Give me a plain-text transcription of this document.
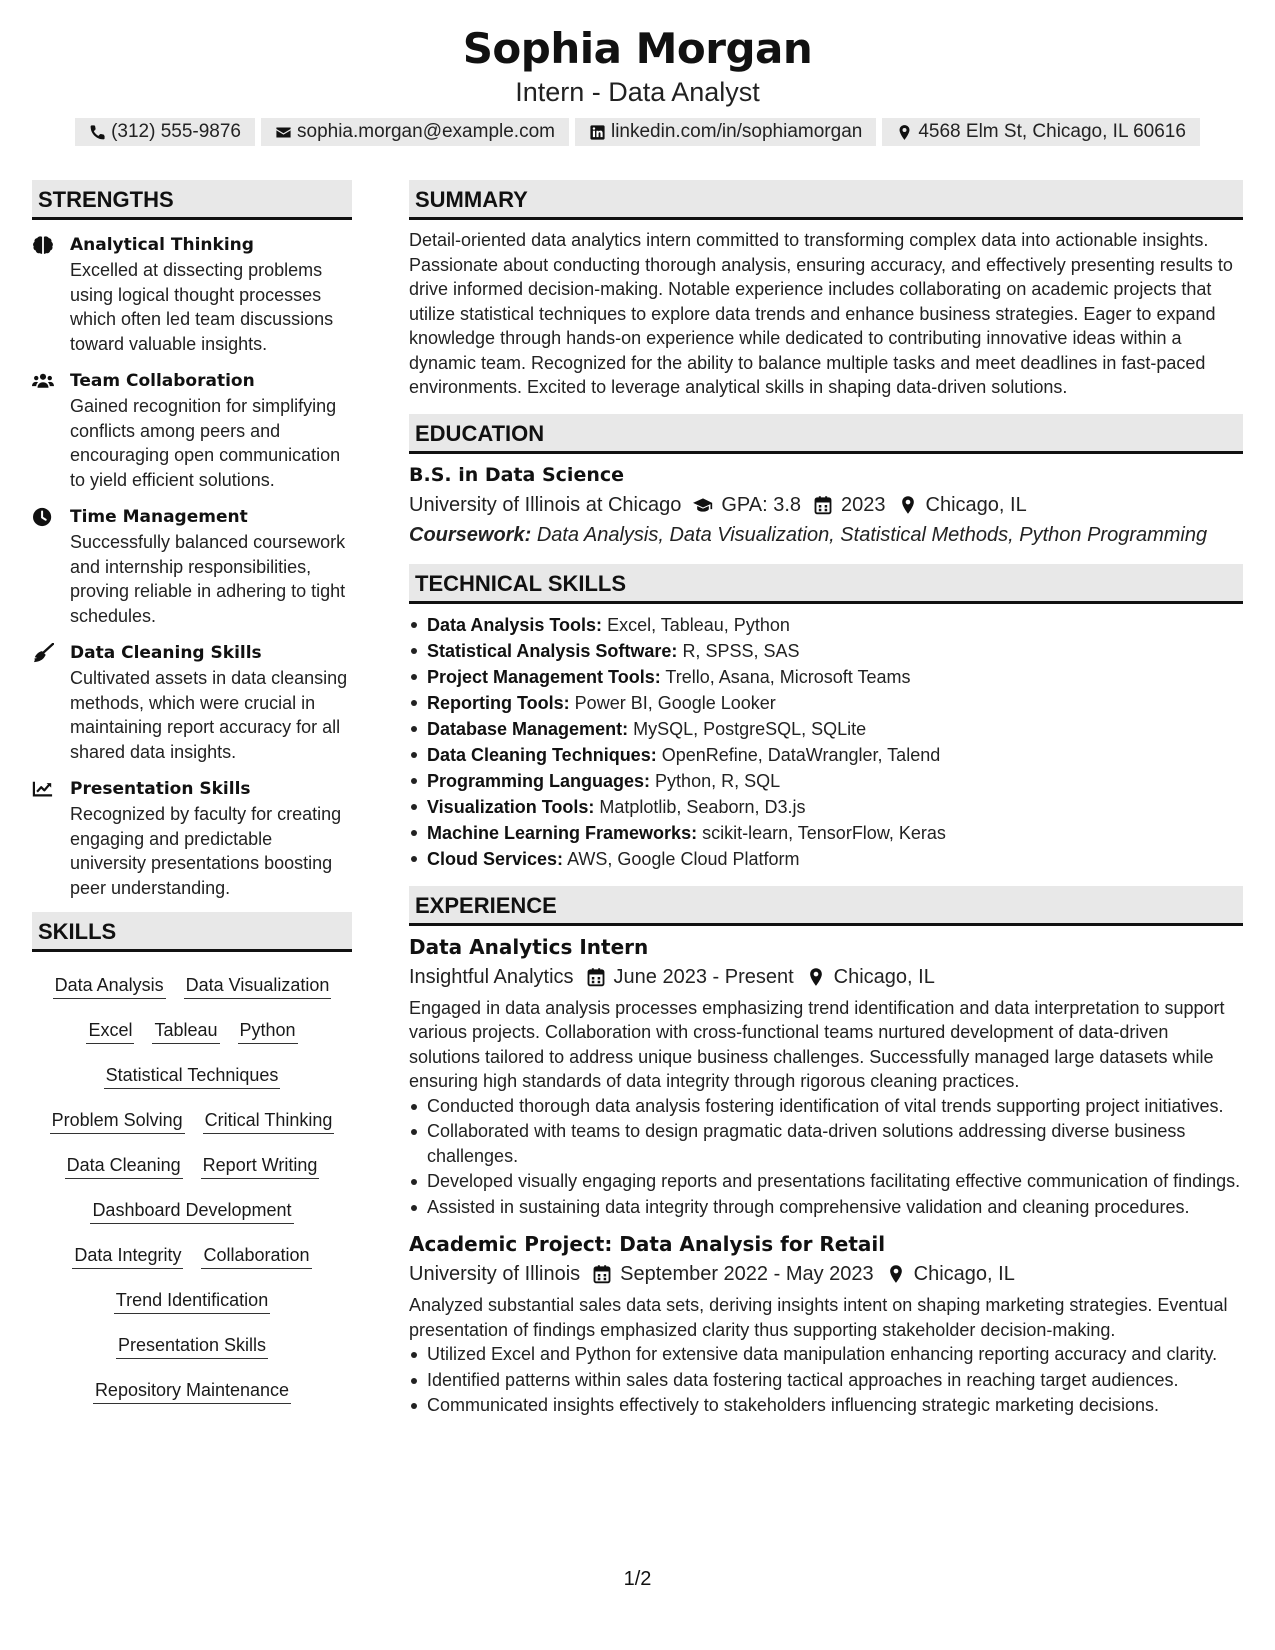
Sophia Morgan
Intern - Data Analyst
(312) 555-9876	sophia.morgan@example.com	linkedin.com/in/sophiamorgan	4568 Elm St, Chicago, IL 60616
STRENGTHS
Analytical Thinking
Excelled at dissecting problems using logical thought processes which often led team discussions toward valuable insights.
Team Collaboration
Gained recognition for simplifying conflicts among peers and encouraging open communication to yield efficient solutions.
Time Management
Successfully balanced coursework and internship responsibilities, proving reliable in adhering to tight schedules.
Data Cleaning Skills
Cultivated assets in data cleansing methods, which were crucial in maintaining report accuracy for all shared data insights.
Presentation Skills
Recognized by faculty for creating engaging and predictable university presentations boosting peer understanding.
SKILLS
Data Analysis Data Visualization
Excel Tableau Python
Statistical Techniques
Problem Solving Critical Thinking
Data Cleaning Report Writing
Dashboard Development
Data Integrity Collaboration
Trend Identification
Presentation Skills
Repository Maintenance
SUMMARY
Detail-oriented data analytics intern committed to transforming complex data into actionable insights. Passionate about conducting thorough analysis, ensuring accuracy, and effectively presenting results to drive informed decision-making. Notable experience includes collaborating on academic projects that utilize statistical techniques to explore data trends and enhance business strategies. Eager to expand knowledge through hands-on experience while dedicated to contributing innovative ideas within a dynamic team. Recognized for the ability to balance multiple tasks and meet deadlines in fast-paced environments. Excited to leverage analytical skills in shaping data-driven solutions.
EDUCATION
B.S. in Data Science
University of Illinois at Chicago GPA: 3.8 2023 Chicago, IL
Coursework: Data Analysis, Data Visualization, Statistical Methods, Python Programming
TECHNICAL SKILLS
Data Analysis Tools: Excel, Tableau, Python
Statistical Analysis Software: R, SPSS, SAS
Project Management Tools: Trello, Asana, Microsoft Teams
Reporting Tools: Power BI, Google Looker
Database Management: MySQL, PostgreSQL, SQLite
Data Cleaning Techniques: OpenRefine, DataWrangler, Talend
Programming Languages: Python, R, SQL
Visualization Tools: Matplotlib, Seaborn, D3.js
Machine Learning Frameworks: scikit-learn, TensorFlow, Keras
Cloud Services: AWS, Google Cloud Platform
EXPERIENCE
Data Analytics Intern
Insightful Analytics June 2023 - Present Chicago, IL
Engaged in data analysis processes emphasizing trend identification and data interpretation to support various projects. Collaboration with cross-functional teams nurtured development of data-driven solutions tailored to address unique business challenges. Successfully managed large datasets while ensuring high standards of data integrity through rigorous cleaning practices.
Conducted thorough data analysis fostering identification of vital trends supporting project initiatives.
Collaborated with teams to design pragmatic data-driven solutions addressing diverse business challenges.
Developed visually engaging reports and presentations facilitating effective communication of findings.
Assisted in sustaining data integrity through comprehensive validation and cleaning procedures.
Academic Project: Data Analysis for Retail
University of Illinois September 2022 - May 2023 Chicago, IL
Analyzed substantial sales data sets, deriving insights intent on shaping marketing strategies. Eventual presentation of findings emphasized clarity thus supporting stakeholder decision-making.
Utilized Excel and Python for extensive data manipulation enhancing reporting accuracy and clarity.
Identified patterns within sales data fostering tactical approaches in reaching target audiences.
Communicated insights effectively to stakeholders influencing strategic marketing decisions.
1/2
